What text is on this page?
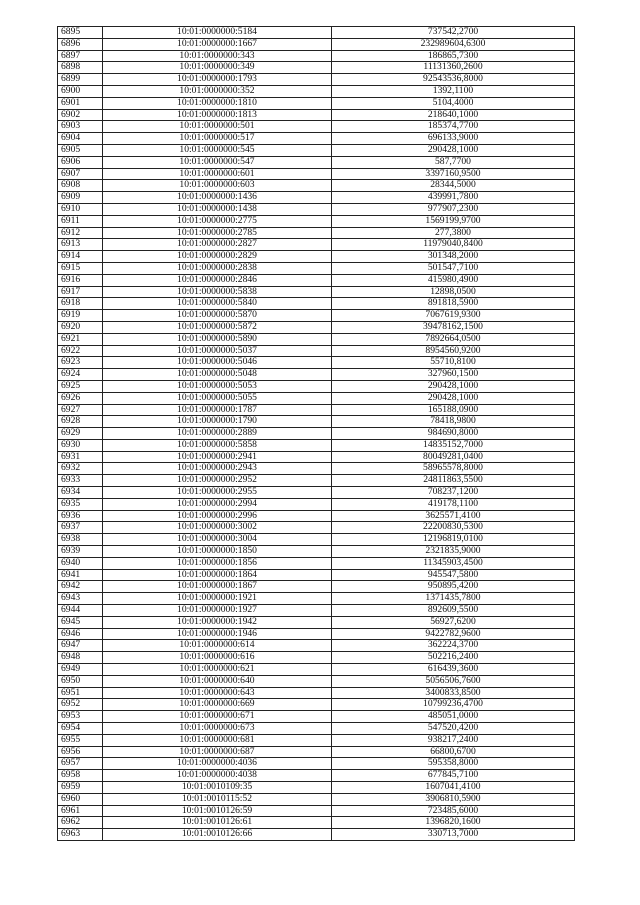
6895	10:01:0000000:5184	737542,2700
6896	10:01:0000000:1667	232989604,6300
6897	10:01:0000000:343	186865,7300
6898	10:01:0000000:349	11131360,2600
6899	10:01:0000000:1793	92543536,8000
6900	10:01:0000000:352	1392,1100
6901	10:01:0000000:1810	5104,4000
6902	10:01:0000000:1813	218640,1000
6903	10:01:0000000:501	185374,7700
6904	10:01:0000000:517	696133,9000
6905	10:01:0000000:545	290428,1000
6906	10:01:0000000:547	587,7700
6907	10:01:0000000:601	3397160,9500
6908	10:01:0000000:603	28344,5000
6909	10:01:0000000:1436	439991,7800
6910	10:01:0000000:1438	977907,2300
6911	10:01:0000000:2775	1569199,9700
6912	10:01:0000000:2785	277,3800
6913	10:01:0000000:2827	11979040,8400
6914	10:01:0000000:2829	301348,2000
6915	10:01:0000000:2838	501547,7100
6916	10:01:0000000:2846	415980,4900
6917	10:01:0000000:5838	12898,0500
6918	10:01:0000000:5840	891818,5900
6919	10:01:0000000:5870	7067619,9300
6920	10:01:0000000:5872	39478162,1500
6921	10:01:0000000:5890	7892664,0500
6922	10:01:0000000:5037	8954560,9200
6923	10:01:0000000:5046	55710,8100
6924	10:01:0000000:5048	327960,1500
6925	10:01:0000000:5053	290428,1000
6926	10:01:0000000:5055	290428,1000
6927	10:01:0000000:1787	165188,0900
6928	10:01:0000000:1790	78418,9800
6929	10:01:0000000:2889	984690,8000
6930	10:01:0000000:5858	14835152,7000
6931	10:01:0000000:2941	80049281,0400
6932	10:01:0000000:2943	58965578,8000
6933	10:01:0000000:2952	24811863,5500
6934	10:01:0000000:2955	708237,1200
6935	10:01:0000000:2994	419178,1100
6936	10:01:0000000:2996	3625571,4100
6937	10:01:0000000:3002	22200830,5300
6938	10:01:0000000:3004	12196819,0100
6939	10:01:0000000:1850	2321835,9000
6940	10:01:0000000:1856	11345903,4500
6941	10:01:0000000:1864	945547,5800
6942	10:01:0000000:1867	950895,4200
6943	10:01:0000000:1921	1371435,7800
6944	10:01:0000000:1927	892609,5500
6945	10:01:0000000:1942	56927,6200
6946	10:01:0000000:1946	9422782,9600
6947	10:01:0000000:614	362224,3700
6948	10:01:0000000:616	502216,2400
6949	10:01:0000000:621	616439,3600
6950	10:01:0000000:640	5056506,7600
6951	10:01:0000000:643	3400833,8500
6952	10:01:0000000:669	10799236,4700
6953	10:01:0000000:671	485051,0000
6954	10:01:0000000:673	547520,4200
6955	10:01:0000000:681	938217,2400
6956	10:01:0000000:687	66800,6700
6957	10:01:0000000:4036	595358,8000
6958	10:01:0000000:4038	677845,7100
6959	10:01:0010109:35	1607041,4100
6960	10:01:0010115:52	3906810,5900
6961	10:01:0010126:59	723485,6000
6962	10:01:0010126:61	1396820,1600
6963	10:01:0010126:66	330713,7000
